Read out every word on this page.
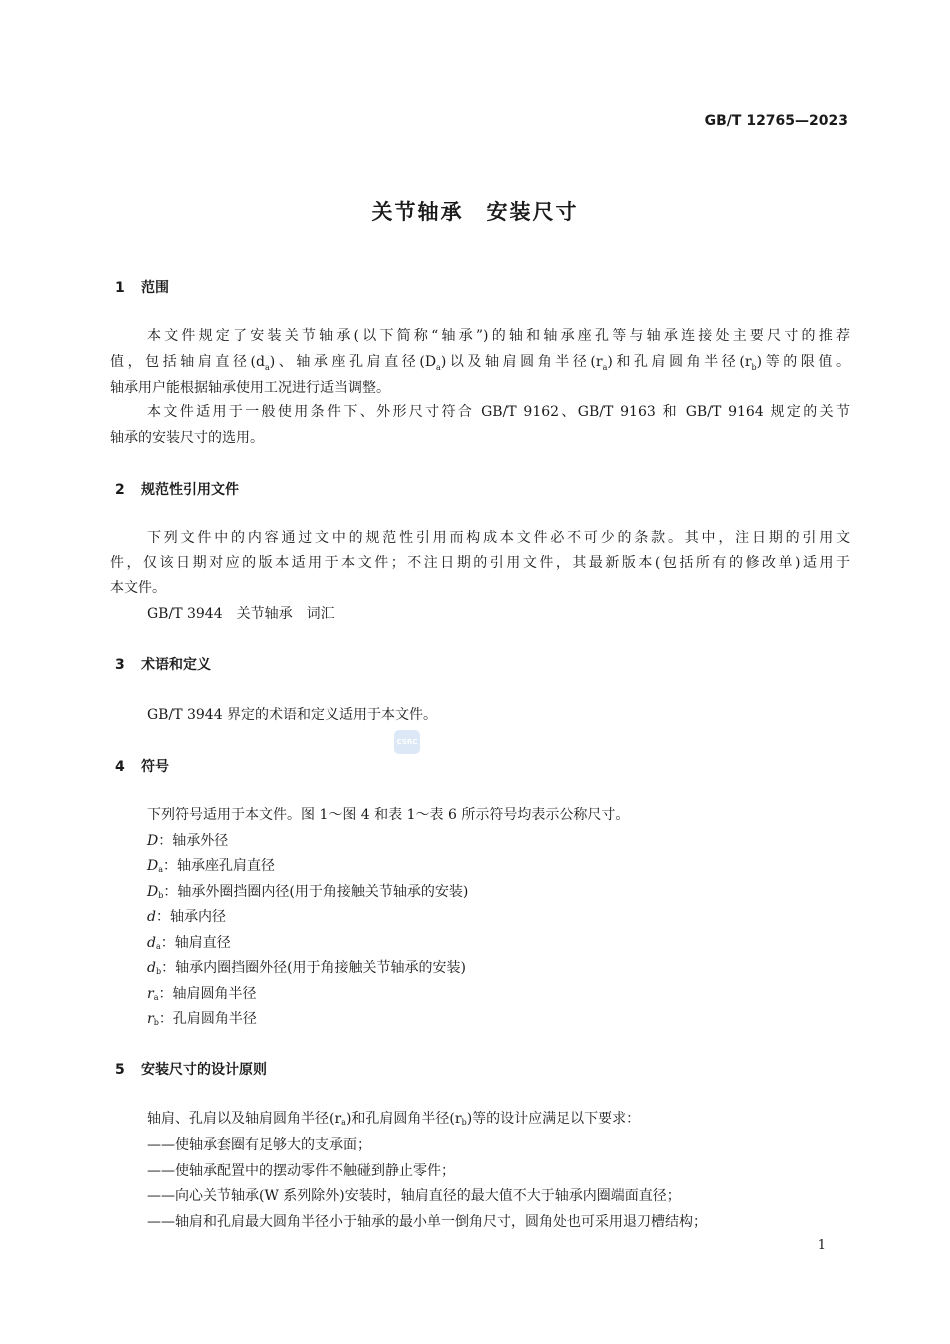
GB/T 12765—2023
关节轴承　安装尺寸
1 范围
本文件规定了安装关节轴承(以下简称“轴承”)的轴和轴承座孔等与轴承连接处主要尺寸的推荐
值，包括轴肩直径$(d_a)$、轴承座孔肩直径$(D_a)$以及轴肩圆角半径$(r_a)$和孔肩圆角半径$(r_b)$等的限值。
轴承用户能根据轴承使用工况进行适当调整。
本文件适用于一般使用条件下、外形尺寸符合 GB/T 9162、GB/T 9163 和 GB/T 9164 规定的关节
轴承的安装尺寸的选用。
2 规范性引用文件
下列文件中的内容通过文中的规范性引用而构成本文件必不可少的条款。其中，注日期的引用文
件，仅该日期对应的版本适用于本文件；不注日期的引用文件，其最新版本(包括所有的修改单)适用于
本文件。
GB/T 3944　关节轴承　词汇
3 术语和定义
GB/T 3944 界定的术语和定义适用于本文件。
CSRC
4 符号
下列符号适用于本文件。图 1～图 4 和表 1～表 6 所示符号均表示公称尺寸。
D：轴承外径
$D_a$：轴承座孔肩直径
$D_b$：轴承外圈挡圈内径(用于角接触关节轴承的安装)
d：轴承内径
$d_a$：轴肩直径
$d_b$：轴承内圈挡圈外径(用于角接触关节轴承的安装)
$r_a$：轴肩圆角半径
$r_b$：孔肩圆角半径
5 安装尺寸的设计原则
轴肩、孔肩以及轴肩圆角半径$(r_a)$和孔肩圆角半径$(r_b)$等的设计应满足以下要求：
——使轴承套圈有足够大的支承面；
——使轴承配置中的摆动零件不触碰到静止零件；
——向心关节轴承(W 系列除外)安装时，轴肩直径的最大值不大于轴承内圈端面直径；
——轴肩和孔肩最大圆角半径小于轴承的最小单一倒角尺寸，圆角处也可采用退刀槽结构；
1
